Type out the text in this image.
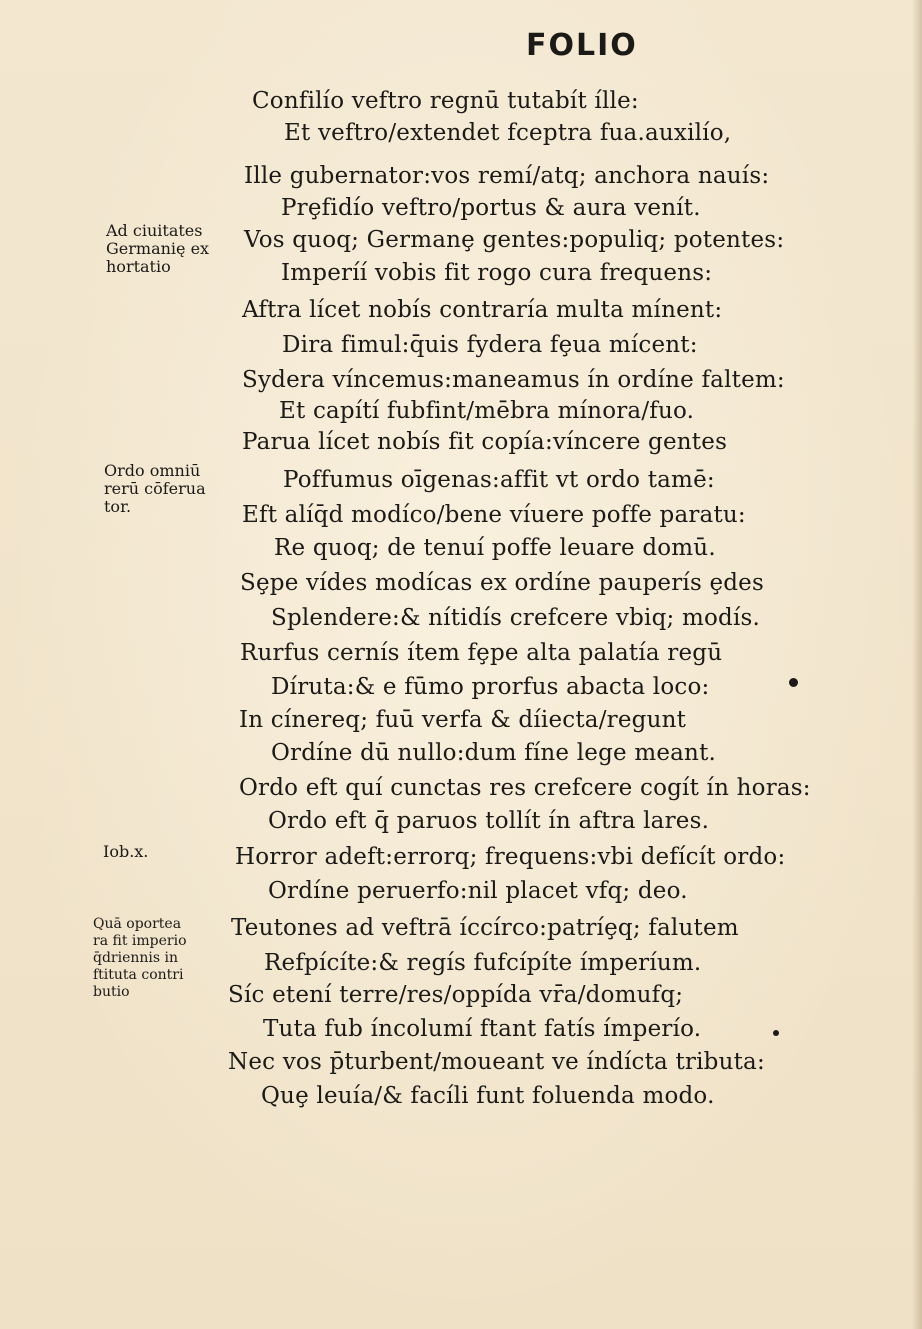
FOLIO
Confilío veftro regnū tutabít ílle:
Et veftro/extendet fceptra fua.auxilío,
Ille gubernator:vos remí/atq; anchora nauís:
Prȩfidío veftro/portus & aura venít.
Vos quoq; Germanȩ gentes:populiq; potentes:
Imperíí vobis fit rogo cura frequens:
Aftra lícet nobís contraría multa mínent:
Dira fimul:q̄uis fydera fȩua mícent:
Sydera víncemus:maneamus ín ordíne faltem:
Et capítí fubfint/mēbra mínora/fuo.
Parua lícet nobís fit copía:víncere gentes
Poffumus oīgenas:affit vt ordo tamē:
Eft alíq̄d modíco/bene víuere poffe paratu:
Re quoq; de tenuí poffe leuare domū.
Sȩpe vídes modícas ex ordíne pauperís ȩdes
Splendere:& nítidís crefcere vbiq; modís.
Rurfus cernís ítem fȩpe alta palatía regū
Díruta:& e fūmo prorfus abacta loco:
In cínereq; fuū verfa & díiecta/regunt
Ordíne dū nullo:dum fíne lege meant.
Ordo eft quí cunctas res crefcere cogít ín horas:
Ordo eft q̄ paruos tollít ín aftra lares.
Horror adeft:errorq; frequens:vbi defícít ordo:
Ordíne peruerfo:nil placet vfq; deo.
Teutones ad veftrā íccírco:patríȩq; falutem
Refpícíte:& regís fufcípíte ímperíum.
Síc etení terre/res/oppída vr̄a/domufq;
Tuta fub íncolumí ftant fatís ímperío.
Nec vos p̄turbent/moueant ve índícta tributa:
Quȩ leuía/& facíli funt foluenda modo.
Ad ciuitates
Germanię ex
hortatio
Ordo omniū
rerū cōferua
tor.
Iob.x.
Quā oportea
ra fit imperio
q̄driennis in
ftituta contri
butio
